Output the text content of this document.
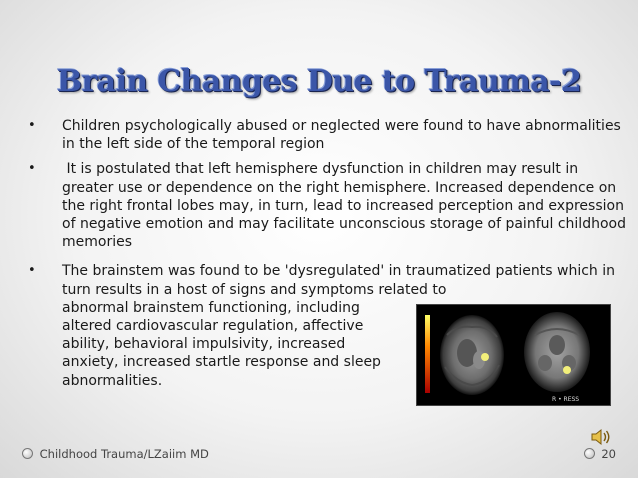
Brain Changes Due to Trauma-2
• Children psychologically abused or neglected were found to have abnormalities in the left side of the temporal region
• It is postulated that left hemisphere dysfunction in children may result in greater use or dependence on the right hemisphere. Increased dependence on the right frontal lobes may, in turn, lead to increased perception and expression of negative emotion and may facilitate unconscious storage of painful childhood memories
• The brainstem was found to be 'dysregulated' in traumatized patients which in turn results in a host of signs and symptoms related to
abnormal brainstem functioning, including altered cardiovascular regulation, affective ability, behavioral impulsivity, increased anxiety, increased startle response and sleep abnormalities.
R • RESS
Childhood Trauma/LZaiim MD	20
